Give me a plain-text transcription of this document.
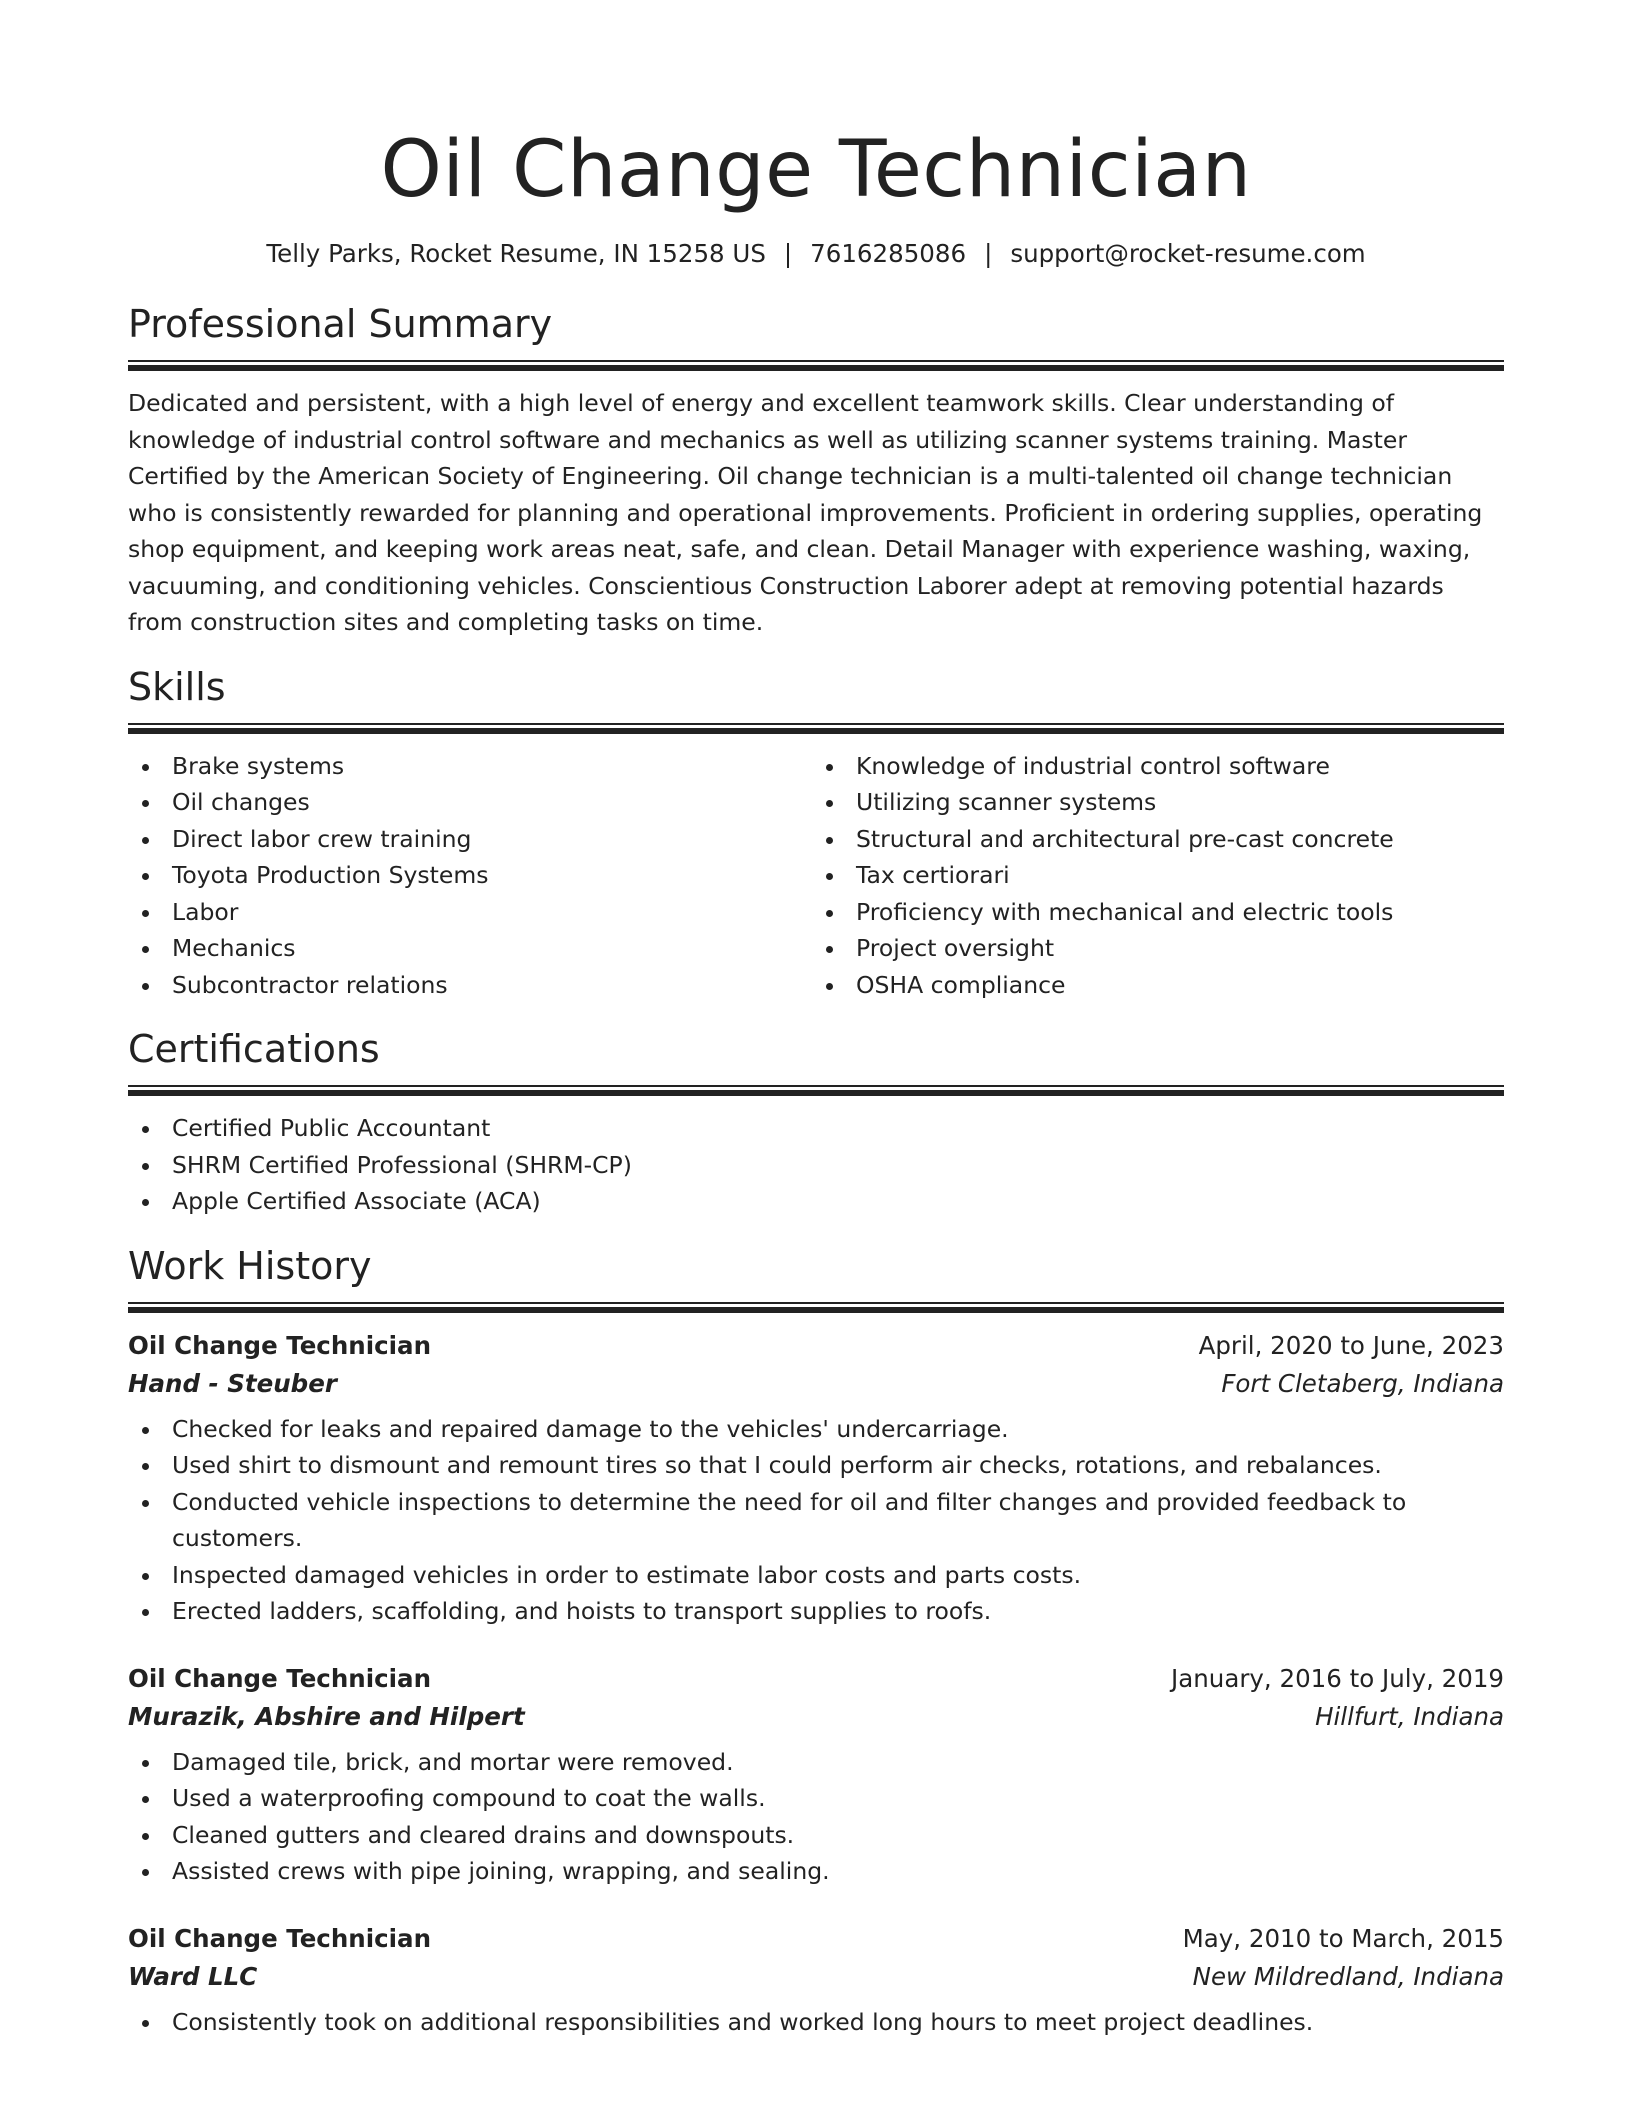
Oil Change Technician
Telly Parks, Rocket Resume, IN 15258 US | 7616285086 | support@rocket-resume.com
Professional Summary

Dedicated and persistent, with a high level of energy and excellent teamwork skills. Clear understanding of knowledge of industrial control software and mechanics as well as utilizing scanner systems training. Master Certified by the American Society of Engineering. Oil change technician is a multi-talented oil change technician who is consistently rewarded for planning and operational improvements. Proficient in ordering supplies, operating shop equipment, and keeping work areas neat, safe, and clean. Detail Manager with experience washing, waxing, vacuuming, and conditioning vehicles. Conscientious Construction Laborer adept at removing potential hazards from construction sites and completing tasks on time.

Skills
Brake systems
Oil changes
Direct labor crew training
Toyota Production Systems
Labor
Mechanics
Subcontractor relations
Knowledge of industrial control software
Utilizing scanner systems
Structural and architectural pre-cast concrete
Tax certiorari
Proficiency with mechanical and electric tools
Project oversight
OSHA compliance
Certifications
Certified Public Accountant
SHRM Certified Professional (SHRM-CP)
Apple Certified Associate (ACA)
Work History
Oil Change Technician	April, 2020 to June, 2023
Hand - Steuber	Fort Cletaberg, Indiana
Checked for leaks and repaired damage to the vehicles' undercarriage.
Used shirt to dismount and remount tires so that I could perform air checks, rotations, and rebalances.
Conducted vehicle inspections to determine the need for oil and filter changes and provided feedback to customers.
Inspected damaged vehicles in order to estimate labor costs and parts costs.
Erected ladders, scaffolding, and hoists to transport supplies to roofs.
Oil Change Technician	January, 2016 to July, 2019
Murazik, Abshire and Hilpert	Hillfurt, Indiana
Damaged tile, brick, and mortar were removed.
Used a waterproofing compound to coat the walls.
Cleaned gutters and cleared drains and downspouts.
Assisted crews with pipe joining, wrapping, and sealing.
Oil Change Technician	May, 2010 to March, 2015
Ward LLC	New Mildredland, Indiana
Consistently took on additional responsibilities and worked long hours to meet project deadlines.
